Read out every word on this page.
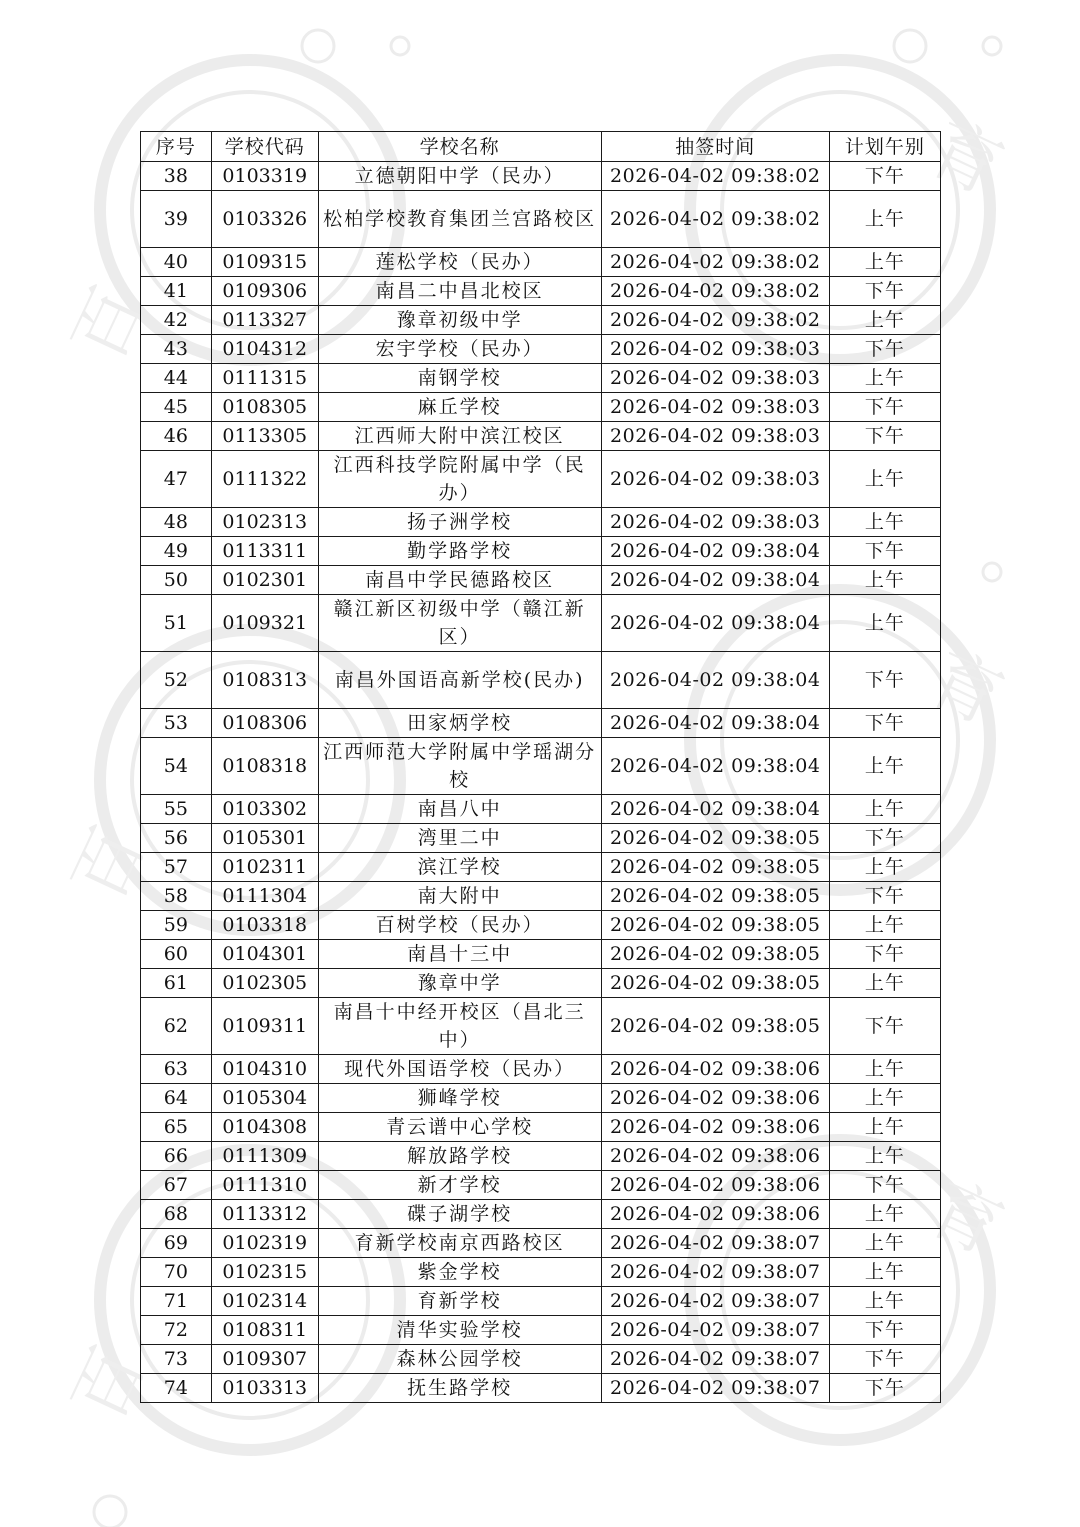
百
育
百
育
百
育
序号	学校代码	学校名称	抽签时间	计划午别
38	0103319	立德朝阳中学（民办）	2026-04-02 09:38:02	下午
39	0103326	松柏学校教育集团兰宫路校区	2026-04-02 09:38:02	上午
40	0109315	莲松学校（民办）	2026-04-02 09:38:02	上午
41	0109306	南昌二中昌北校区	2026-04-02 09:38:02	下午
42	0113327	豫章初级中学	2026-04-02 09:38:02	上午
43	0104312	宏宇学校（民办）	2026-04-02 09:38:03	下午
44	0111315	南钢学校	2026-04-02 09:38:03	上午
45	0108305	麻丘学校	2026-04-02 09:38:03	下午
46	0113305	江西师大附中滨江校区	2026-04-02 09:38:03	下午
47	0111322	江西科技学院附属中学（民办）	2026-04-02 09:38:03	上午
48	0102313	扬子洲学校	2026-04-02 09:38:03	上午
49	0113311	勤学路学校	2026-04-02 09:38:04	下午
50	0102301	南昌中学民德路校区	2026-04-02 09:38:04	上午
51	0109321	赣江新区初级中学（赣江新区）	2026-04-02 09:38:04	上午
52	0108313	南昌外国语高新学校(民办)	2026-04-02 09:38:04	下午
53	0108306	田家炳学校	2026-04-02 09:38:04	下午
54	0108318	江西师范大学附属中学瑶湖分校	2026-04-02 09:38:04	上午
55	0103302	南昌八中	2026-04-02 09:38:04	上午
56	0105301	湾里二中	2026-04-02 09:38:05	下午
57	0102311	滨江学校	2026-04-02 09:38:05	上午
58	0111304	南大附中	2026-04-02 09:38:05	下午
59	0103318	百树学校（民办）	2026-04-02 09:38:05	上午
60	0104301	南昌十三中	2026-04-02 09:38:05	下午
61	0102305	豫章中学	2026-04-02 09:38:05	上午
62	0109311	南昌十中经开校区（昌北三中）	2026-04-02 09:38:05	下午
63	0104310	现代外国语学校（民办）	2026-04-02 09:38:06	上午
64	0105304	狮峰学校	2026-04-02 09:38:06	上午
65	0104308	青云谱中心学校	2026-04-02 09:38:06	上午
66	0111309	解放路学校	2026-04-02 09:38:06	上午
67	0111310	新才学校	2026-04-02 09:38:06	下午
68	0113312	碟子湖学校	2026-04-02 09:38:06	上午
69	0102319	育新学校南京西路校区	2026-04-02 09:38:07	上午
70	0102315	紫金学校	2026-04-02 09:38:07	上午
71	0102314	育新学校	2026-04-02 09:38:07	上午
72	0108311	清华实验学校	2026-04-02 09:38:07	下午
73	0109307	森林公园学校	2026-04-02 09:38:07	下午
74	0103313	抚生路学校	2026-04-02 09:38:07	下午
